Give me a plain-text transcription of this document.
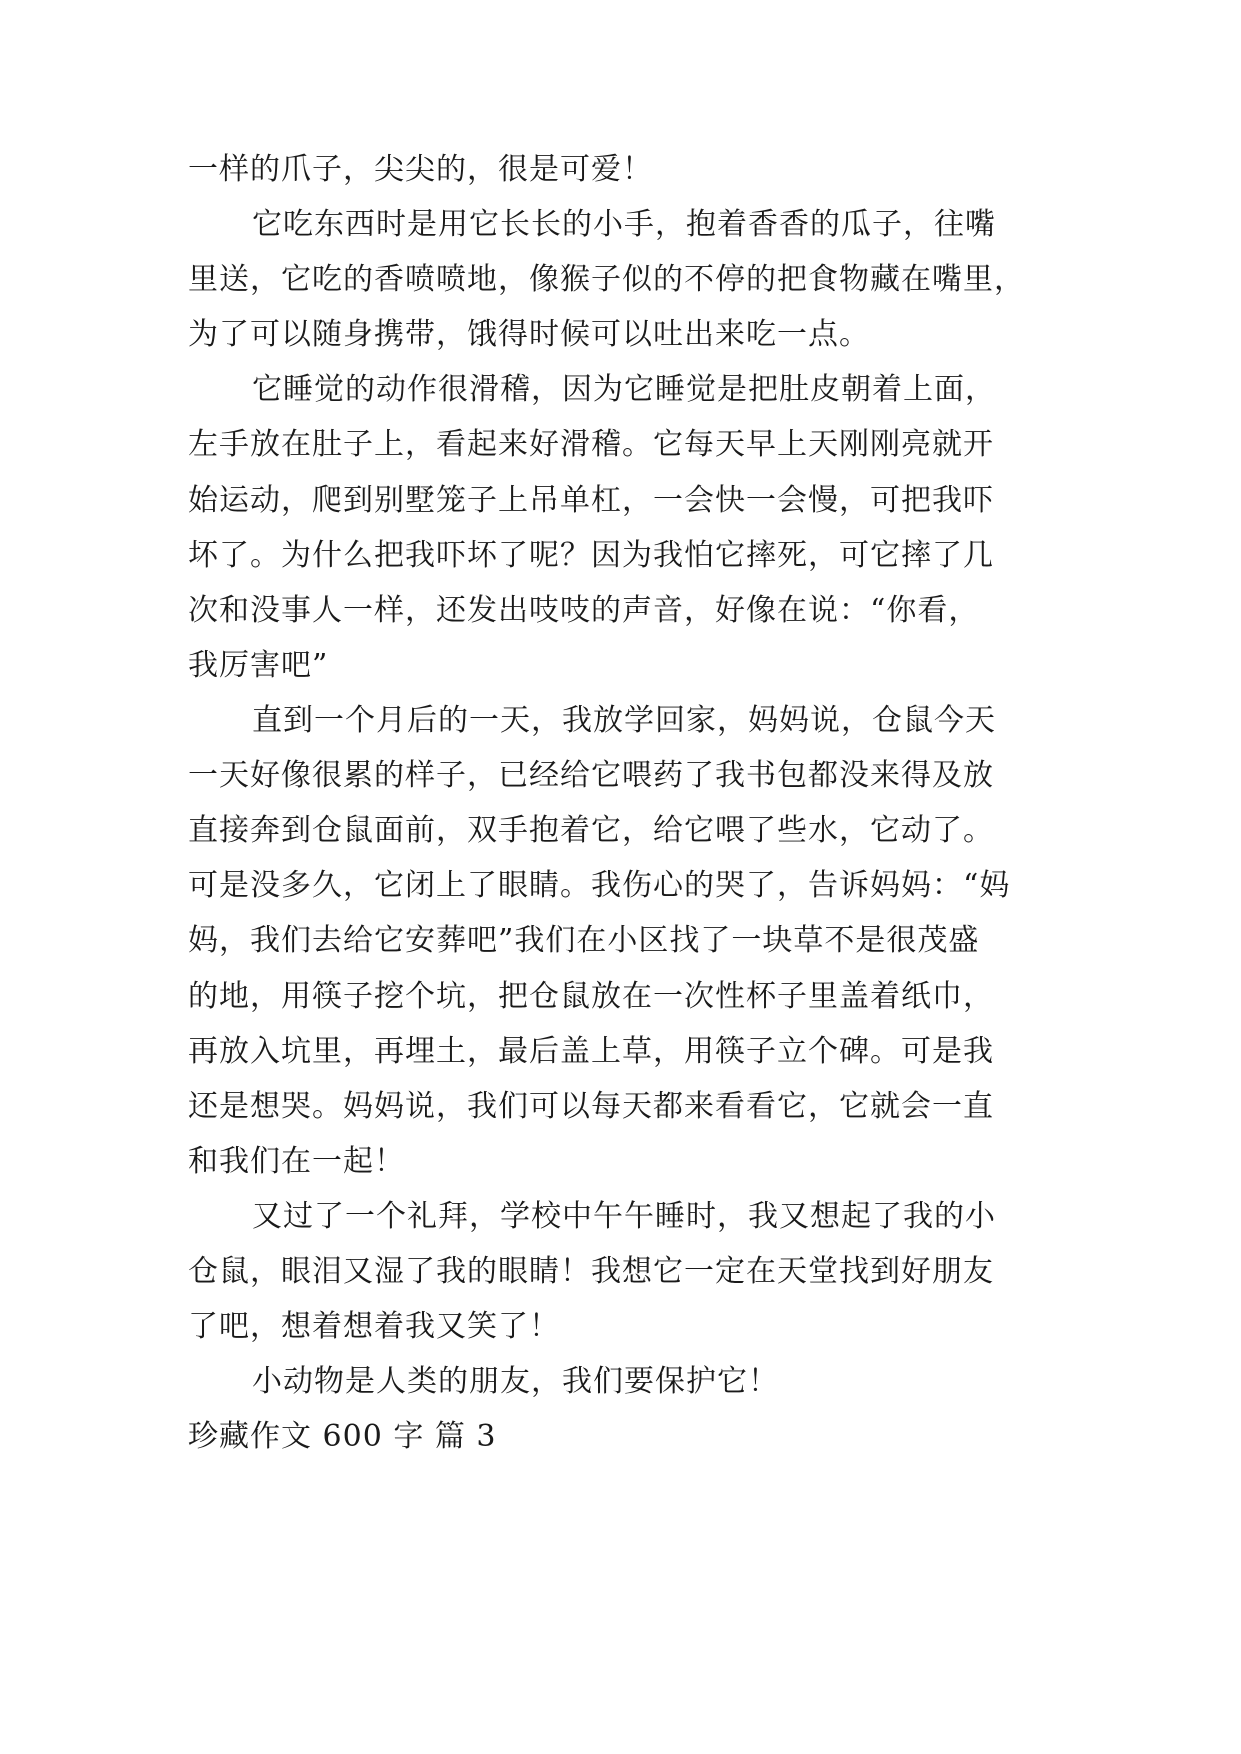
一样的爪子，尖尖的，很是可爱！
它吃东西时是用它长长的小手，抱着香香的瓜子，往嘴
里送，它吃的香喷喷地，像猴子似的不停的把食物藏在嘴里，
为了可以随身携带，饿得时候可以吐出来吃一点。
它睡觉的动作很滑稽，因为它睡觉是把肚皮朝着上面，
左手放在肚子上，看起来好滑稽。它每天早上天刚刚亮就开
始运动，爬到别墅笼子上吊单杠，一会快一会慢，可把我吓
坏了。为什么把我吓坏了呢？因为我怕它摔死，可它摔了几
次和没事人一样，还发出吱吱的声音，好像在说：“你看，
我厉害吧”
直到一个月后的一天，我放学回家，妈妈说，仓鼠今天
一天好像很累的样子，已经给它喂药了我书包都没来得及放
直接奔到仓鼠面前，双手抱着它，给它喂了些水，它动了。
可是没多久，它闭上了眼睛。我伤心的哭了，告诉妈妈：“妈
妈，我们去给它安葬吧”我们在小区找了一块草不是很茂盛
的地，用筷子挖个坑，把仓鼠放在一次性杯子里盖着纸巾，
再放入坑里，再埋土，最后盖上草，用筷子立个碑。可是我
还是想哭。妈妈说，我们可以每天都来看看它，它就会一直
和我们在一起！
又过了一个礼拜，学校中午午睡时，我又想起了我的小
仓鼠，眼泪又湿了我的眼睛！我想它一定在天堂找到好朋友
了吧，想着想着我又笑了！
小动物是人类的朋友，我们要保护它！
珍藏作文 600 字 篇 3
